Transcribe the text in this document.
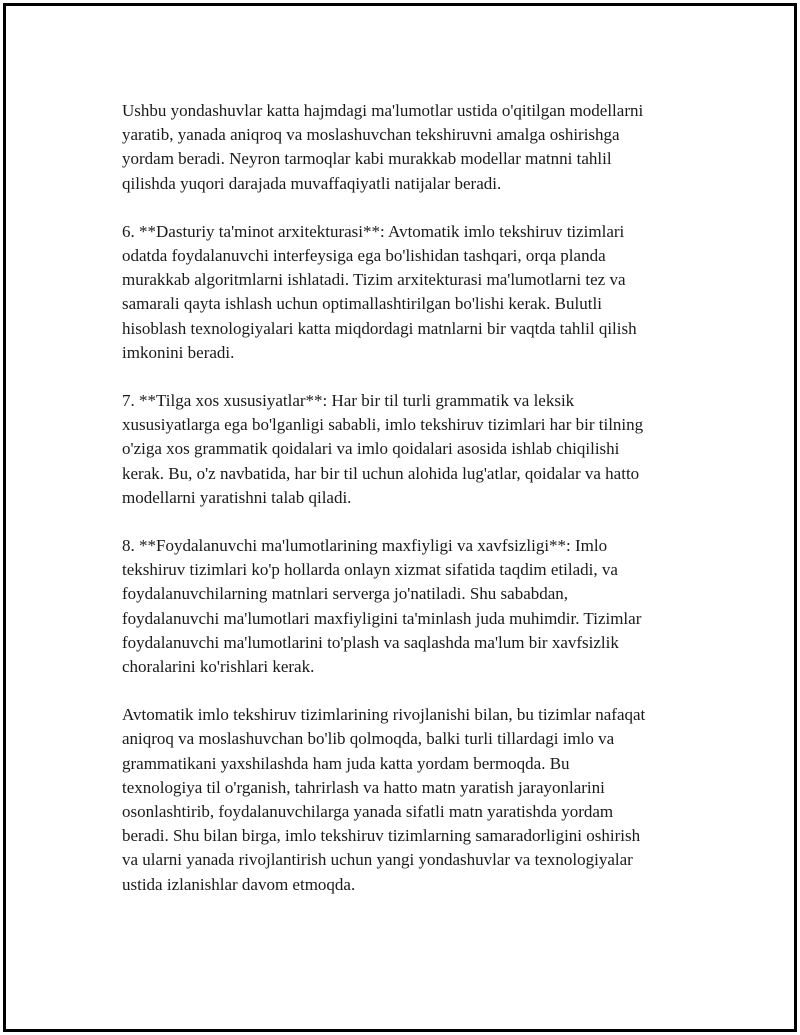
Ushbu yondashuvlar katta hajmdagi ma'lumotlar ustida o'qitilgan modellarni
yaratib, yanada aniqroq va moslashuvchan tekshiruvni amalga oshirishga
yordam beradi. Neyron tarmoqlar kabi murakkab modellar matnni tahlil
qilishda yuqori darajada muvaffaqiyatli natijalar beradi.

6. **Dasturiy ta'minot arxitekturasi**: Avtomatik imlo tekshiruv tizimlari
odatda foydalanuvchi interfeysiga ega bo'lishidan tashqari, orqa planda
murakkab algoritmlarni ishlatadi. Tizim arxitekturasi ma'lumotlarni tez va
samarali qayta ishlash uchun optimallashtirilgan bo'lishi kerak. Bulutli
hisoblash texnologiyalari katta miqdordagi matnlarni bir vaqtda tahlil qilish
imkonini beradi.

7. **Tilga xos xususiyatlar**: Har bir til turli grammatik va leksik
xususiyatlarga ega bo'lganligi sababli, imlo tekshiruv tizimlari har bir tilning
o'ziga xos grammatik qoidalari va imlo qoidalari asosida ishlab chiqilishi
kerak. Bu, o'z navbatida, har bir til uchun alohida lug'atlar, qoidalar va hatto
modellarni yaratishni talab qiladi.

8. **Foydalanuvchi ma'lumotlarining maxfiyligi va xavfsizligi**: Imlo
tekshiruv tizimlari ko'p hollarda onlayn xizmat sifatida taqdim etiladi, va
foydalanuvchilarning matnlari serverga jo'natiladi. Shu sababdan,
foydalanuvchi ma'lumotlari maxfiyligini ta'minlash juda muhimdir. Tizimlar
foydalanuvchi ma'lumotlarini to'plash va saqlashda ma'lum bir xavfsizlik
choralarini ko'rishlari kerak.

Avtomatik imlo tekshiruv tizimlarining rivojlanishi bilan, bu tizimlar nafaqat
aniqroq va moslashuvchan bo'lib qolmoqda, balki turli tillardagi imlo va
grammatikani yaxshilashda ham juda katta yordam bermoqda. Bu
texnologiya til o'rganish, tahrirlash va hatto matn yaratish jarayonlarini
osonlashtirib, foydalanuvchilarga yanada sifatli matn yaratishda yordam
beradi. Shu bilan birga, imlo tekshiruv tizimlarning samaradorligini oshirish
va ularni yanada rivojlantirish uchun yangi yondashuvlar va texnologiyalar
ustida izlanishlar davom etmoqda.
